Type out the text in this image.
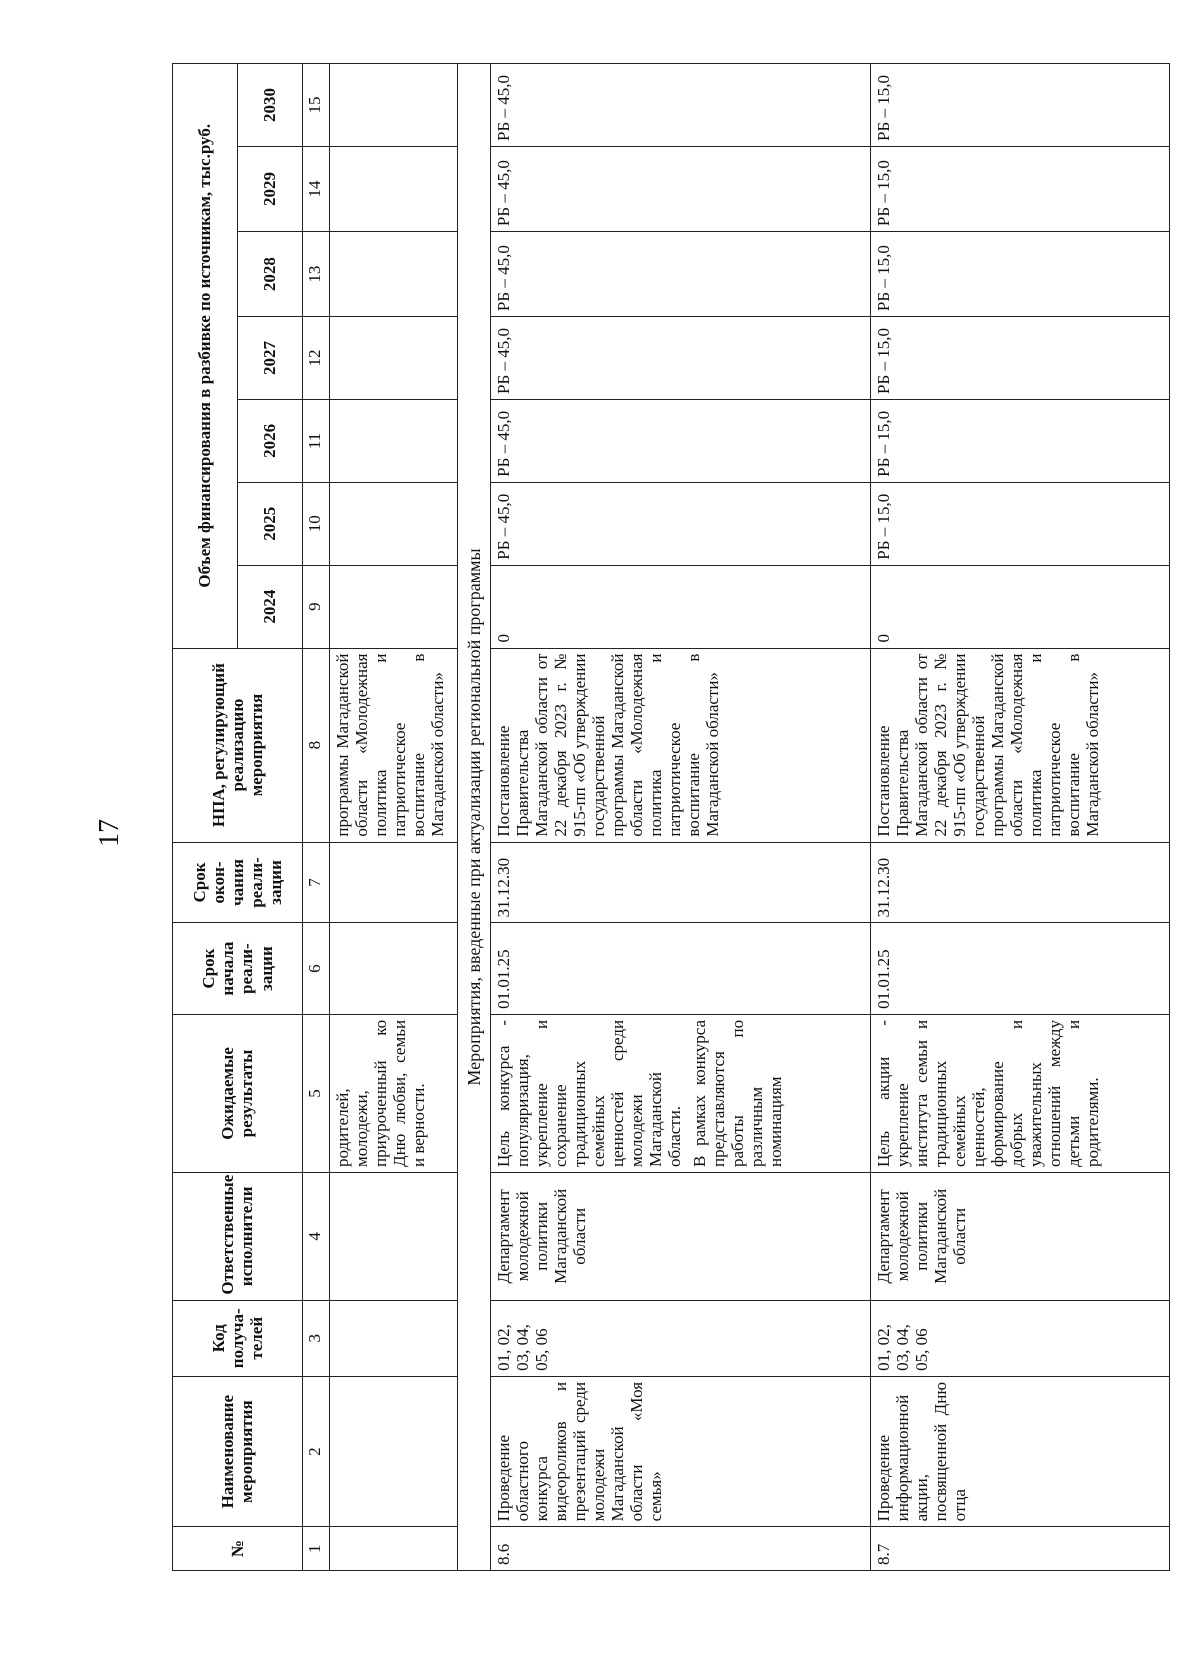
17
№	Наименование мероприятия	Код получа-телей	Ответственные исполнители	Ожидаемые результаты	Срок начала реали-зации	Срок окон-чания реали-зации	НПА, регулирующий реализацию мероприятия	Объем финансирования в разбивке по источникам, тыс.руб.						
								2024	2025	2026	2027	2028	2029	2030
1	2	3	4	5	6	7	8	9	10	11	12	13	14	15
				родителей, молодежи, приуроченный ко Дню любви, семьи и верности.			программы Магаданской области «Молодежная политика и патриотическое воспитание в Магаданской области»							
Мероприятия, введенные при актуализации региональной программы														
8.6	Проведение областного конкурса видеороликов и презентаций среди молодежи Магаданской области «Моя семья»	01, 02, 03, 04, 05, 06	Департамент молодежной политики Магаданской области	Цель конкурса - популяризация, укрепление и сохранение традиционных семейных ценностей среди молодежи Магаданской области. В рамках конкурса представляются работы по различным номинациям	01.01.25	31.12.30	Постановление Правительства Магаданской области от 22 декабря 2023 г. № 915-пп «Об утверждении государственной программы Магаданской области «Молодежная политика и патриотическое воспитание в Магаданской области»	0	РБ – 45,0	РБ – 45,0	РБ – 45,0	РБ – 45,0	РБ – 45,0	РБ – 45,0
8.7	Проведение информационной акции, посвященной Дню отца	01, 02, 03, 04, 05, 06	Департамент молодежной политики Магаданской области	Цель акции - укрепление института семьи и традиционных семейных ценностей, формирование добрых и уважительных отношений между детьми и родителями.	01.01.25	31.12.30	Постановление Правительства Магаданской области от 22 декабря 2023 г. № 915-пп «Об утверждении государственной программы Магаданской области «Молодежная политика и патриотическое воспитание в Магаданской области»	0	РБ – 15,0	РБ – 15,0	РБ – 15,0	РБ – 15,0	РБ – 15,0	РБ – 15,0
